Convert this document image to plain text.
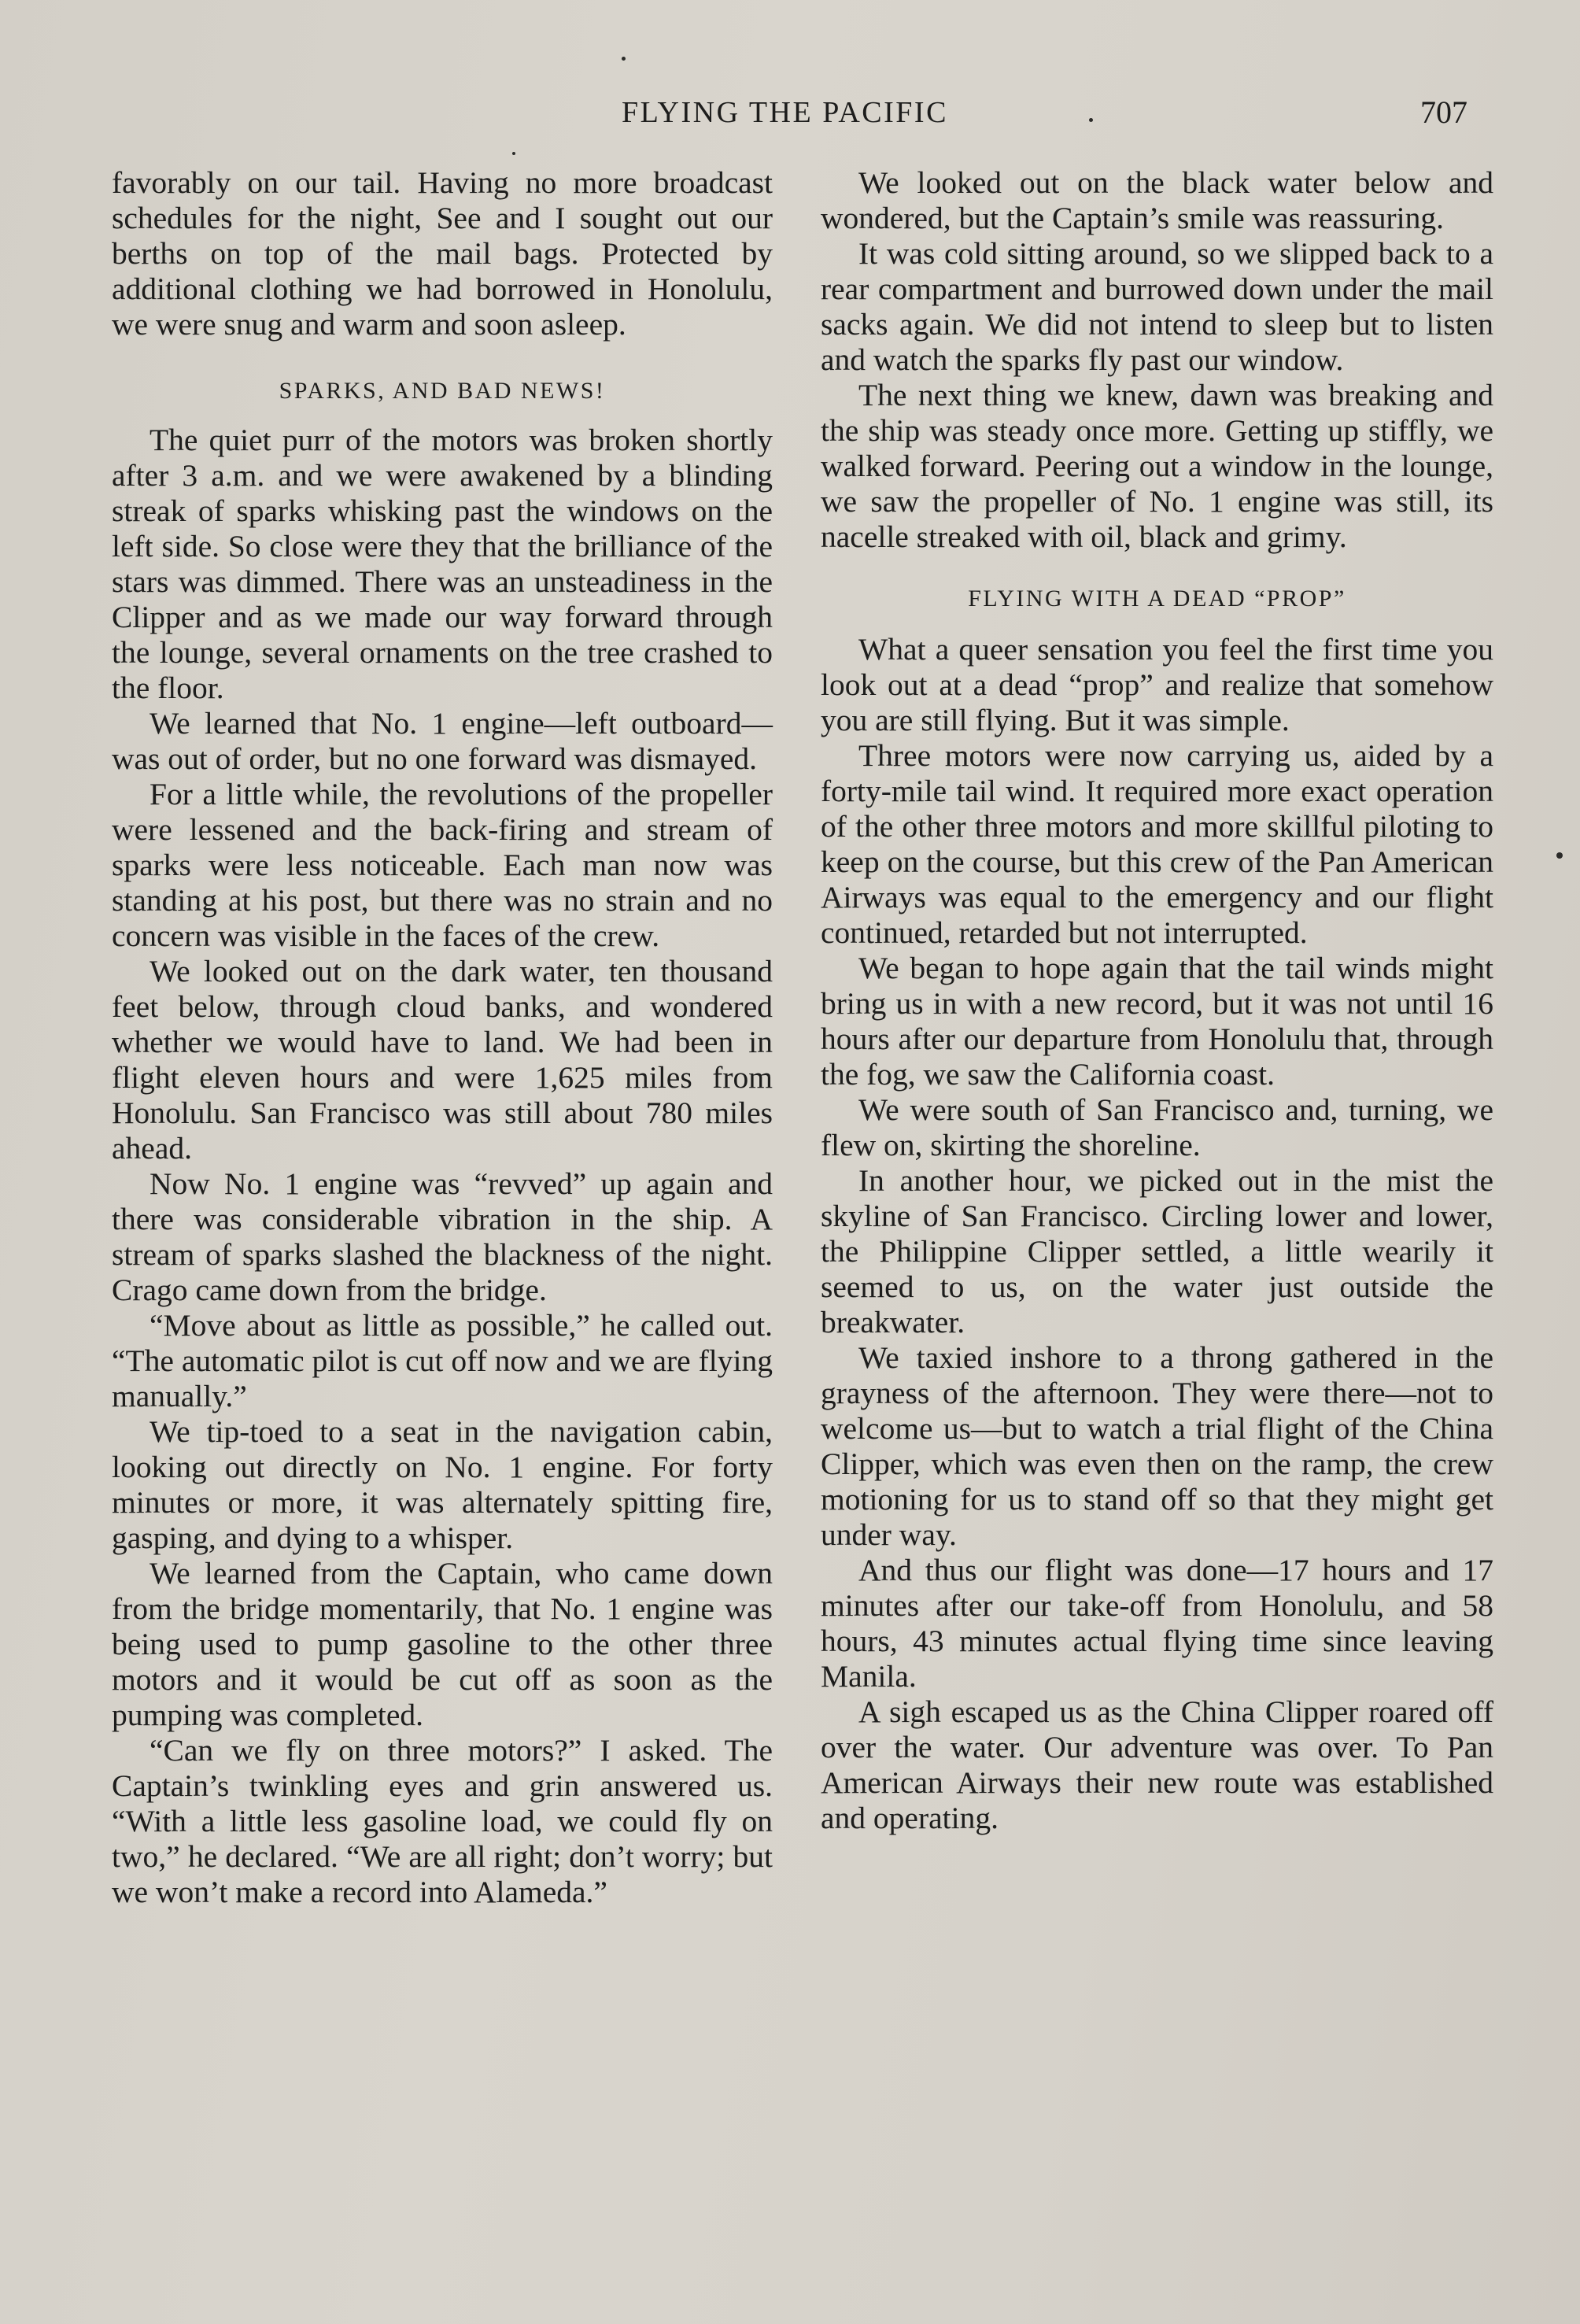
FLYING THE PACIFIC	707

favorably on our tail. Having no more broadcast schedules for the night, See and I sought out our berths on top of the mail bags. Protected by additional clothing we had borrowed in Honolulu, we were snug and warm and soon asleep.

SPARKS, AND BAD NEWS!

The quiet purr of the motors was broken shortly after 3 a.m. and we were awakened by a blinding streak of sparks whisking past the windows on the left side. So close were they that the brilliance of the stars was dimmed. There was an unsteadiness in the Clipper and as we made our way forward through the lounge, several ornaments on the tree crashed to the floor.

We learned that No. 1 engine—left outboard—was out of order, but no one forward was dismayed.

For a little while, the revolutions of the propeller were lessened and the back-firing and stream of sparks were less noticeable. Each man now was standing at his post, but there was no strain and no concern was visible in the faces of the crew.

We looked out on the dark water, ten thousand feet below, through cloud banks, and wondered whether we would have to land. We had been in flight eleven hours and were 1,625 miles from Honolulu. San Francisco was still about 780 miles ahead.

Now No. 1 engine was “revved” up again and there was considerable vibration in the ship. A stream of sparks slashed the blackness of the night. Crago came down from the bridge.

“Move about as little as possible,” he called out. “The automatic pilot is cut off now and we are flying manually.”

We tip-toed to a seat in the navigation cabin, looking out directly on No. 1 engine. For forty minutes or more, it was alternately spitting fire, gasping, and dying to a whisper.

We learned from the Captain, who came down from the bridge momentarily, that No. 1 engine was being used to pump gasoline to the other three motors and it would be cut off as soon as the pumping was completed.

“Can we fly on three motors?” I asked. The Captain’s twinkling eyes and grin answered us. “With a little less gasoline load, we could fly on two,” he declared. “We are all right; don’t worry; but we won’t make a record into Alameda.”

We looked out on the black water below and wondered, but the Captain’s smile was reassuring.

It was cold sitting around, so we slipped back to a rear compartment and burrowed down under the mail sacks again. We did not intend to sleep but to listen and watch the sparks fly past our window.

The next thing we knew, dawn was breaking and the ship was steady once more. Getting up stiffly, we walked forward. Peering out a window in the lounge, we saw the propeller of No. 1 engine was still, its nacelle streaked with oil, black and grimy.

FLYING WITH A DEAD “PROP”

What a queer sensation you feel the first time you look out at a dead “prop” and realize that somehow you are still flying. But it was simple.

Three motors were now carrying us, aided by a forty-mile tail wind. It required more exact operation of the other three motors and more skillful piloting to keep on the course, but this crew of the Pan American Airways was equal to the emergency and our flight continued, retarded but not interrupted.

We began to hope again that the tail winds might bring us in with a new record, but it was not until 16 hours after our departure from Honolulu that, through the fog, we saw the California coast.

We were south of San Francisco and, turning, we flew on, skirting the shoreline.

In another hour, we picked out in the mist the skyline of San Francisco. Circling lower and lower, the Philippine Clipper settled, a little wearily it seemed to us, on the water just outside the breakwater.

We taxied inshore to a throng gathered in the grayness of the afternoon. They were there—not to welcome us—but to watch a trial flight of the China Clipper, which was even then on the ramp, the crew motioning for us to stand off so that they might get under way.

And thus our flight was done—17 hours and 17 minutes after our take-off from Honolulu, and 58 hours, 43 minutes actual flying time since leaving Manila.

A sigh escaped us as the China Clipper roared off over the water. Our adventure was over. To Pan American Airways their new route was established and operating.
